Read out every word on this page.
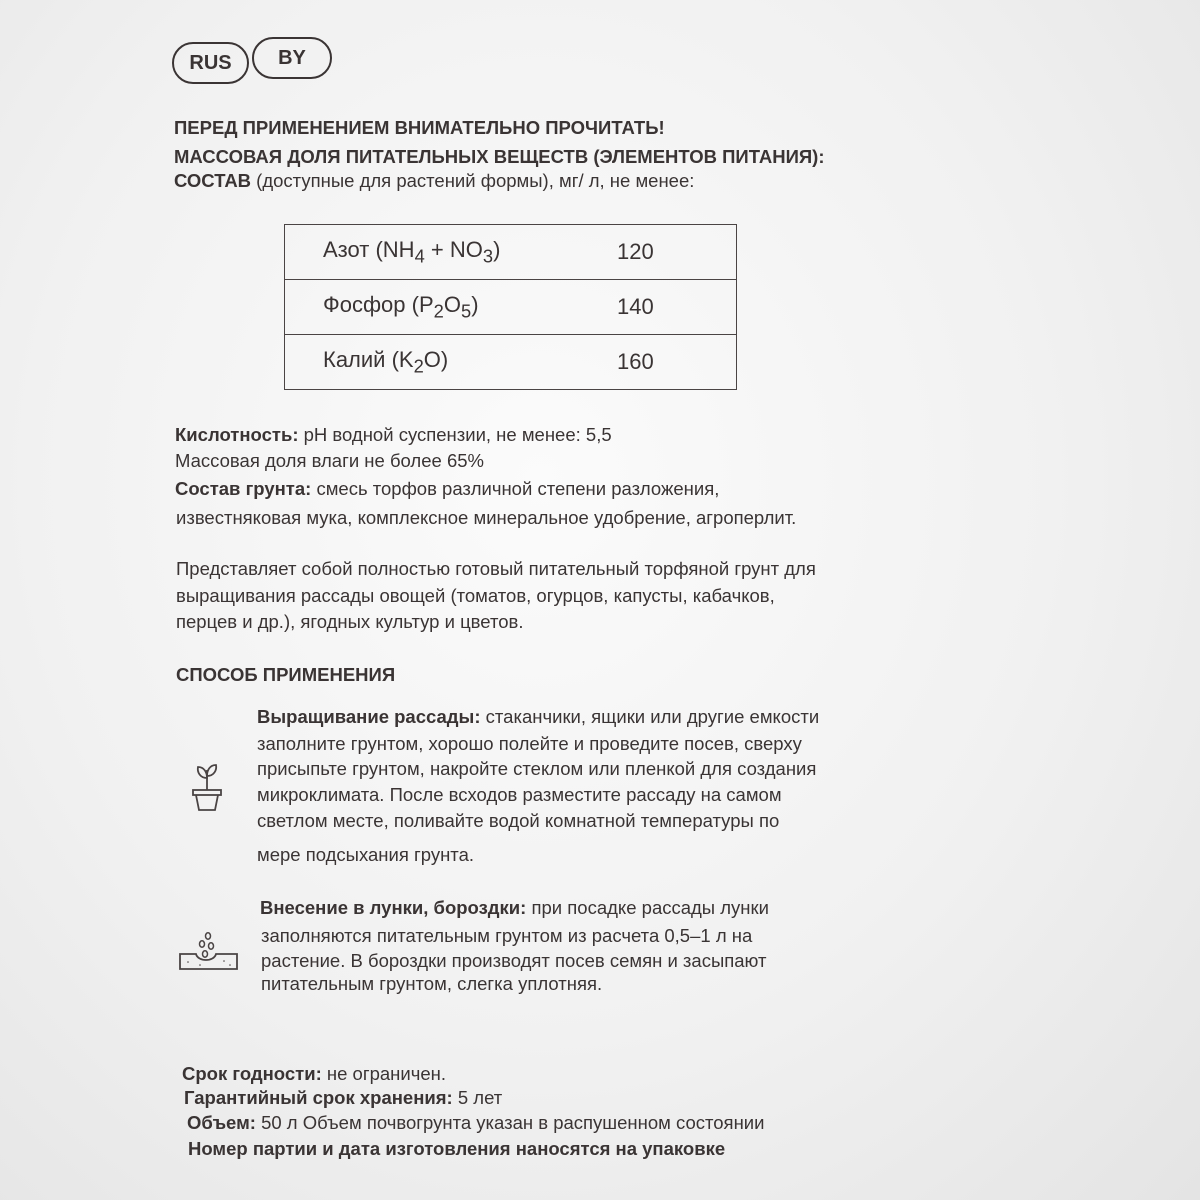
RUS BY
ПЕРЕД ПРИМЕНЕНИЕМ ВНИМАТЕЛЬНО ПРОЧИТАТЬ!
МАССОВАЯ ДОЛЯ ПИТАТЕЛЬНЫХ ВЕЩЕСТВ (ЭЛЕМЕНТОВ ПИТАНИЯ):
СОСТАВ (доступные для растений формы), мг/ л, не менее:
Азот $(NH_4 + NO_3)$	120
Фосфор $(P_2O_5)$	140
Калий $(K_2O)$	160
Кислотность: pH водной суспензии, не менее: 5,5
Массовая доля влаги не более 65%
Состав грунта: смесь торфов различной степени разложения,
известняковая мука, комплексное минеральное удобрение, агроперлит.
Представляет собой полностью готовый питательный торфяной грунт для
выращивания рассады овощей (томатов, огурцов, капусты, кабачков,
перцев и др.), ягодных культур и цветов.
СПОСОБ ПРИМЕНЕНИЯ
Выращивание рассады: стаканчики, ящики или другие емкости
заполните грунтом, хорошо полейте и проведите посев, сверху
присыпьте грунтом, накройте стеклом или пленкой для создания
микроклимата. После всходов разместите рассаду на самом
светлом месте, поливайте водой комнатной температуры по
мере подсыхания грунта.
Внесение в лунки, бороздки: при посадке рассады лунки
заполняются питательным грунтом из расчета 0,5–1 л на
растение. В бороздки производят посев семян и засыпают
питательным грунтом, слегка уплотняя.
Срок годности: не ограничен.
Гарантийный срок хранения: 5 лет
Объем: 50 л Объем почвогрунта указан в распушенном состоянии
Номер партии и дата изготовления наносятся на упаковке
